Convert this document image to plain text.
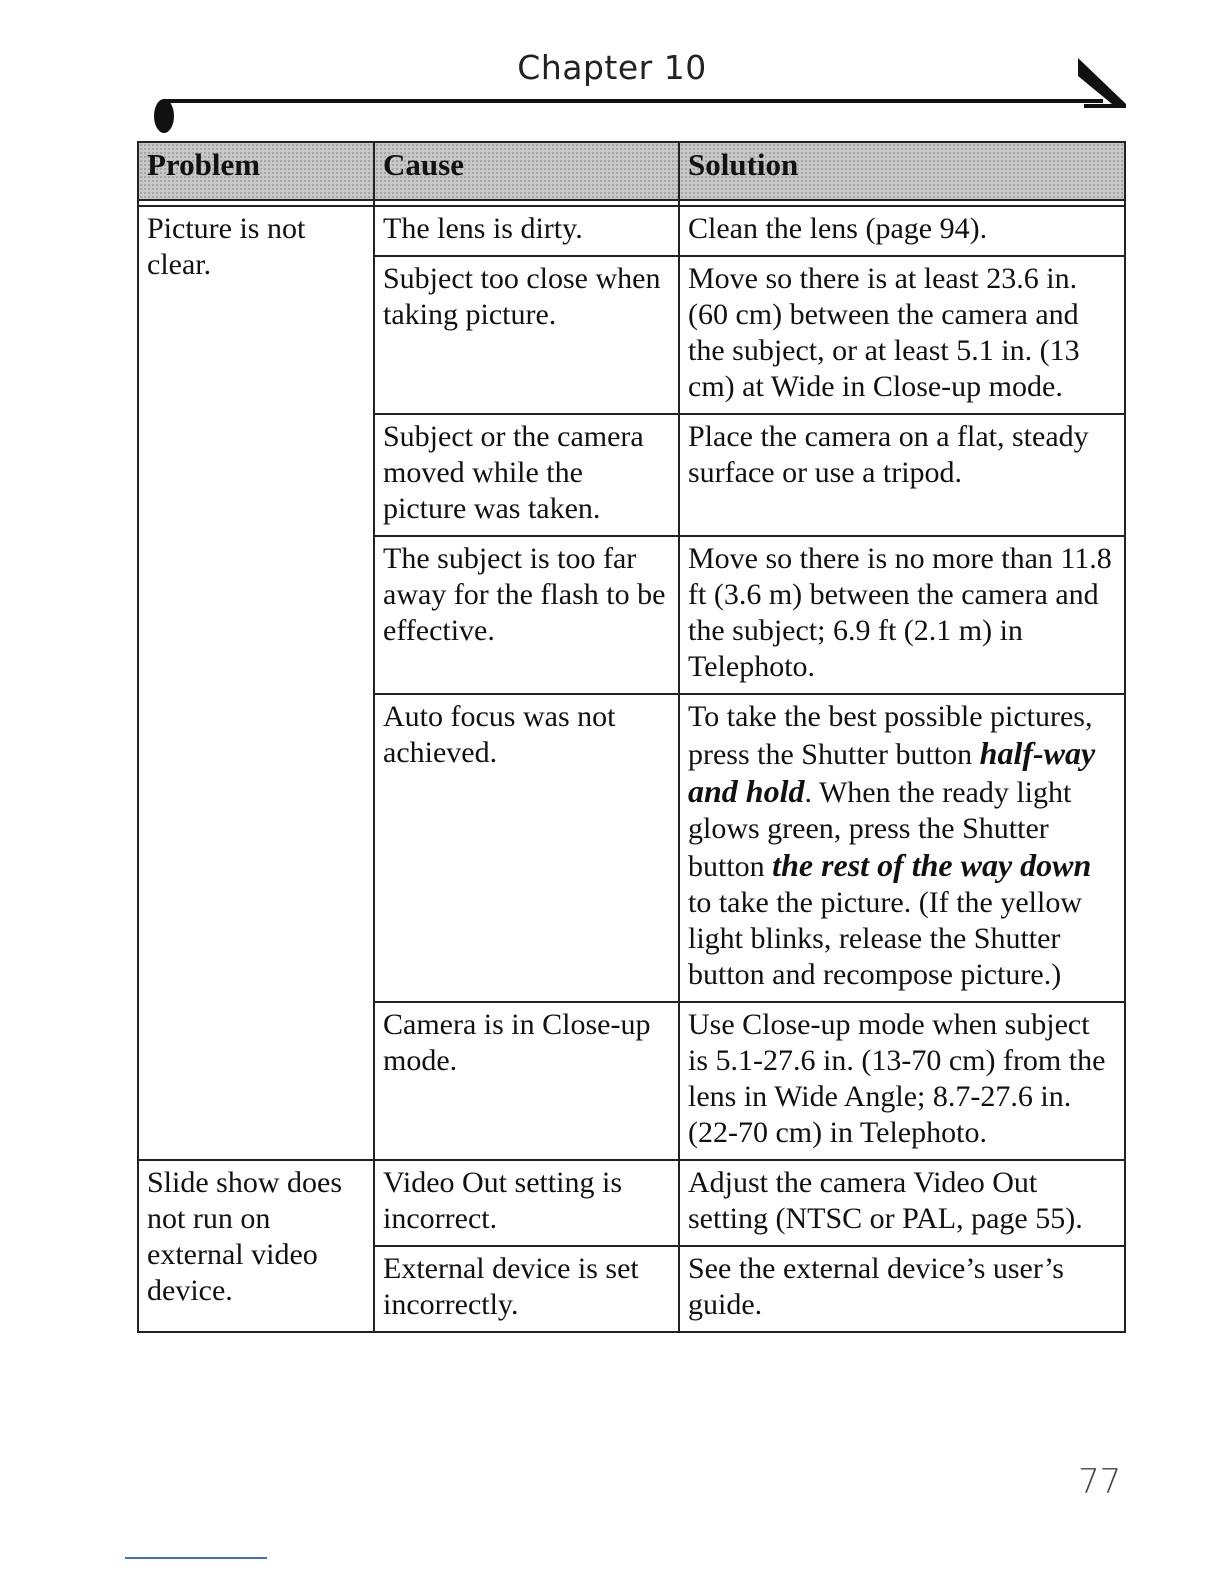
Chapter 10
Problem	Cause	Solution

Picture is not clear.	The lens is dirty.	Clean the lens (page 94).
	Subject too close when taking picture.	Move so there is at least 23.6 in. (60 cm) between the camera and the subject, or at least 5.1 in. (13 cm) at Wide in Close-up mode.
	Subject or the camera moved while the picture was taken.	Place the camera on a flat, steady surface or use a tripod.
	The subject is too far away for the flash to be effective.	Move so there is no more than 11.8 ft (3.6 m) between the camera and the subject; 6.9 ft (2.1 m) in Telephoto.
	Auto focus was not achieved.	To take the best possible pictures, press the Shutter button half-way and hold. When the ready light glows green, press the Shutter button the rest of the way down to take the picture. (If the yellow light blinks, release the Shutter button and recompose picture.)
	Camera is in Close-up mode.	Use Close-up mode when subject is 5.1-27.6 in. (13-70 cm) from the lens in Wide Angle; 8.7-27.6 in. (22-70 cm) in Telephoto.
Slide show does not run on external video device.	Video Out setting is incorrect.	Adjust the camera Video Out setting (NTSC or PAL, page 55).
	External device is set incorrectly.	See the external device’s user’s guide.
77
